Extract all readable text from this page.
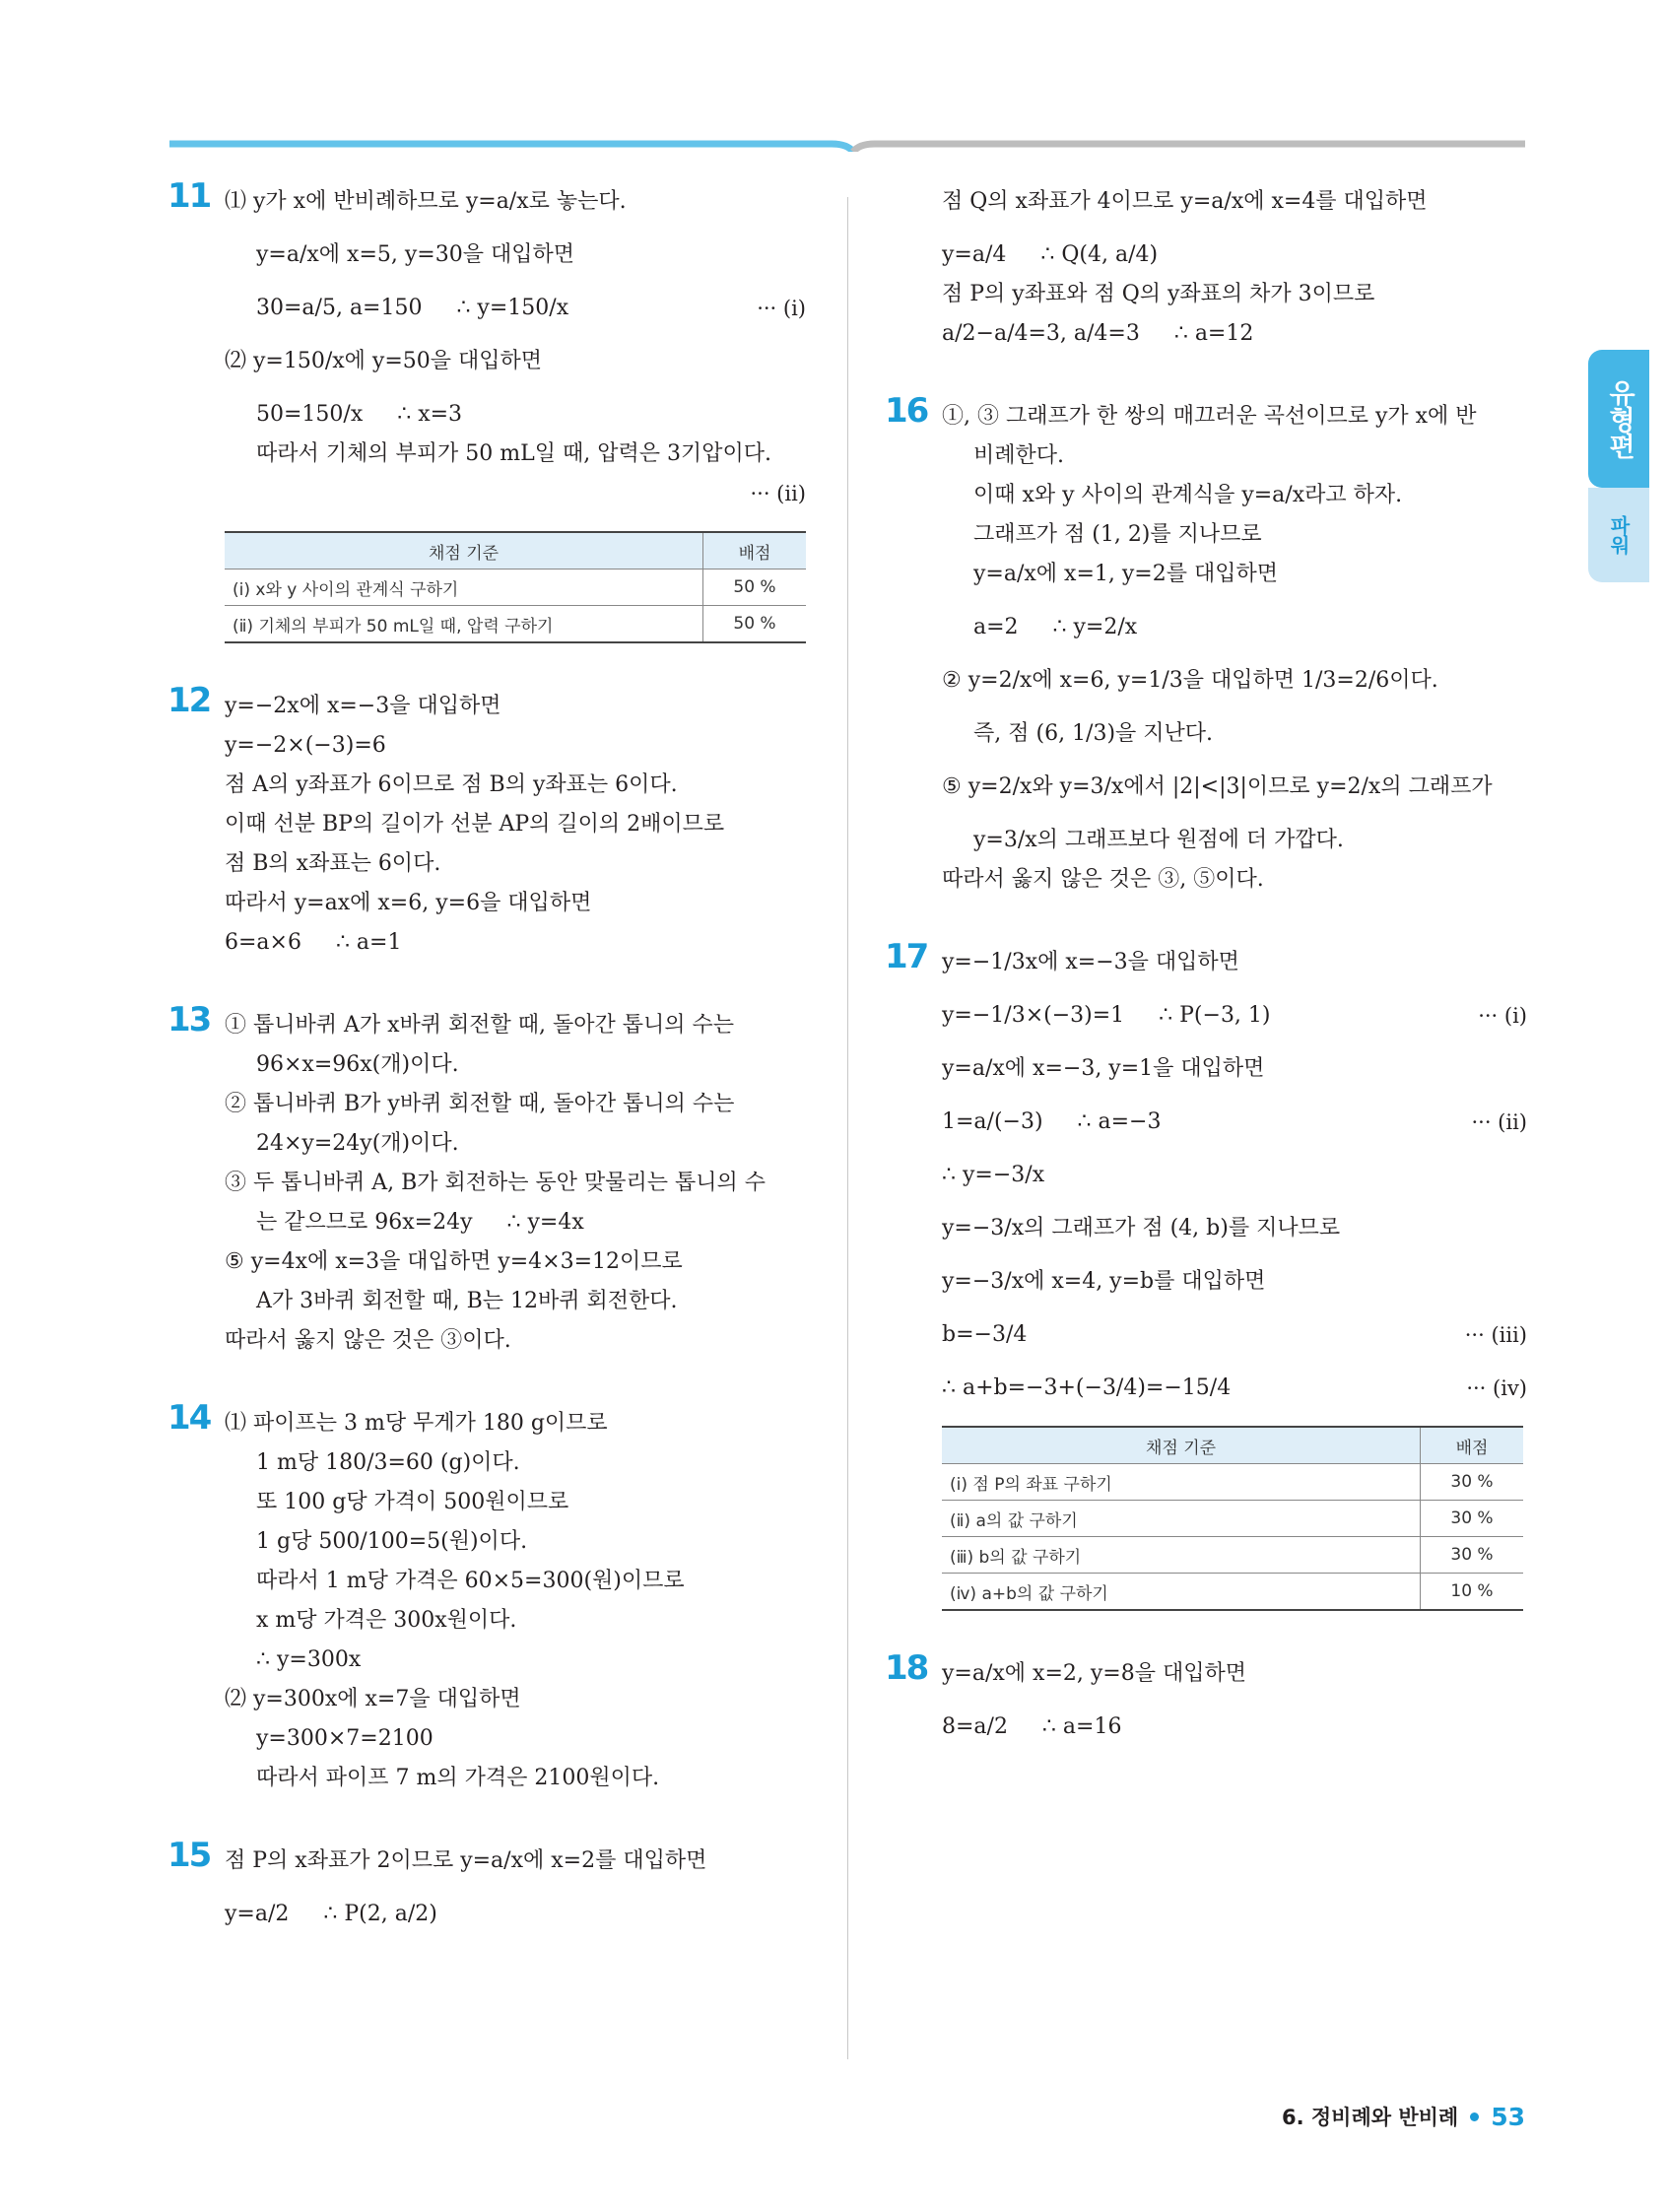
유형편
파워
11 ⑴ y가 x에 반비례하므로 y=a/x로 놓는다.
y=a/x에 x=5, y=30을 대입하면
30=a/5, a=150     ∴ y=150/x	··· (ⅰ)
⑵ y=150/x에 y=50을 대입하면
50=150/x     ∴ x=3
따라서 기체의 부피가 50 mL일 때, 압력은 3기압이다.
··· (ⅱ)
채점 기준	배점
(ⅰ) x와 y 사이의 관계식 구하기	50 %
(ⅱ) 기체의 부피가 50 mL일 때, 압력 구하기	50 %
12 y=−2x에 x=−3을 대입하면
y=−2×(−3)=6
점 A의 y좌표가 6이므로 점 B의 y좌표는 6이다.
이때 선분 BP의 길이가 선분 AP의 길이의 2배이므로
점 B의 x좌표는 6이다.
따라서 y=ax에 x=6, y=6을 대입하면
6=a×6     ∴ a=1
13 ① 톱니바퀴 A가 x바퀴 회전할 때, 돌아간 톱니의 수는
96×x=96x(개)이다.
② 톱니바퀴 B가 y바퀴 회전할 때, 돌아간 톱니의 수는
24×y=24y(개)이다.
③ 두 톱니바퀴 A, B가 회전하는 동안 맞물리는 톱니의 수
는 같으므로 96x=24y     ∴ y=4x
⑤ y=4x에 x=3을 대입하면 y=4×3=12이므로
A가 3바퀴 회전할 때, B는 12바퀴 회전한다.
따라서 옳지 않은 것은 ③이다.
14 ⑴ 파이프는 3 m당 무게가 180 g이므로
1 m당 180/3=60 (g)이다.
또 100 g당 가격이 500원이므로
1 g당 500/100=5(원)이다.
따라서 1 m당 가격은 60×5=300(원)이므로
x m당 가격은 300x원이다.
∴ y=300x
⑵ y=300x에 x=7을 대입하면
y=300×7=2100
따라서 파이프 7 m의 가격은 2100원이다.
15 점 P의 x좌표가 2이므로 y=a/x에 x=2를 대입하면
y=a/2     ∴ P(2, a/2)
점 Q의 x좌표가 4이므로 y=a/x에 x=4를 대입하면
y=a/4     ∴ Q(4, a/4)
점 P의 y좌표와 점 Q의 y좌표의 차가 3이므로
a/2−a/4=3, a/4=3     ∴ a=12
16 ①, ③ 그래프가 한 쌍의 매끄러운 곡선이므로 y가 x에 반
비례한다.
이때 x와 y 사이의 관계식을 y=a/x라고 하자.
그래프가 점 (1, 2)를 지나므로
y=a/x에 x=1, y=2를 대입하면
a=2     ∴ y=2/x
② y=2/x에 x=6, y=1/3을 대입하면 1/3=2/6이다.
즉, 점 (6, 1/3)을 지난다.
⑤ y=2/x와 y=3/x에서 |2|<|3|이므로 y=2/x의 그래프가
y=3/x의 그래프보다 원점에 더 가깝다.
따라서 옳지 않은 것은 ③, ⑤이다.
17 y=−1/3x에 x=−3을 대입하면
y=−1/3×(−3)=1     ∴ P(−3, 1)	··· (ⅰ)
y=a/x에 x=−3, y=1을 대입하면
1=a/(−3)     ∴ a=−3	··· (ⅱ)
∴ y=−3/x
y=−3/x의 그래프가 점 (4, b)를 지나므로
y=−3/x에 x=4, y=b를 대입하면
b=−3/4	··· (ⅲ)
∴ a+b=−3+(−3/4)=−15/4	··· (ⅳ)
채점 기준	배점
(ⅰ) 점 P의 좌표 구하기	30 %
(ⅱ) a의 값 구하기	30 %
(ⅲ) b의 값 구하기	30 %
(ⅳ) a+b의 값 구하기	10 %
18 y=a/x에 x=2, y=8을 대입하면
8=a/2     ∴ a=16
6. 정비례와 반비례 53
